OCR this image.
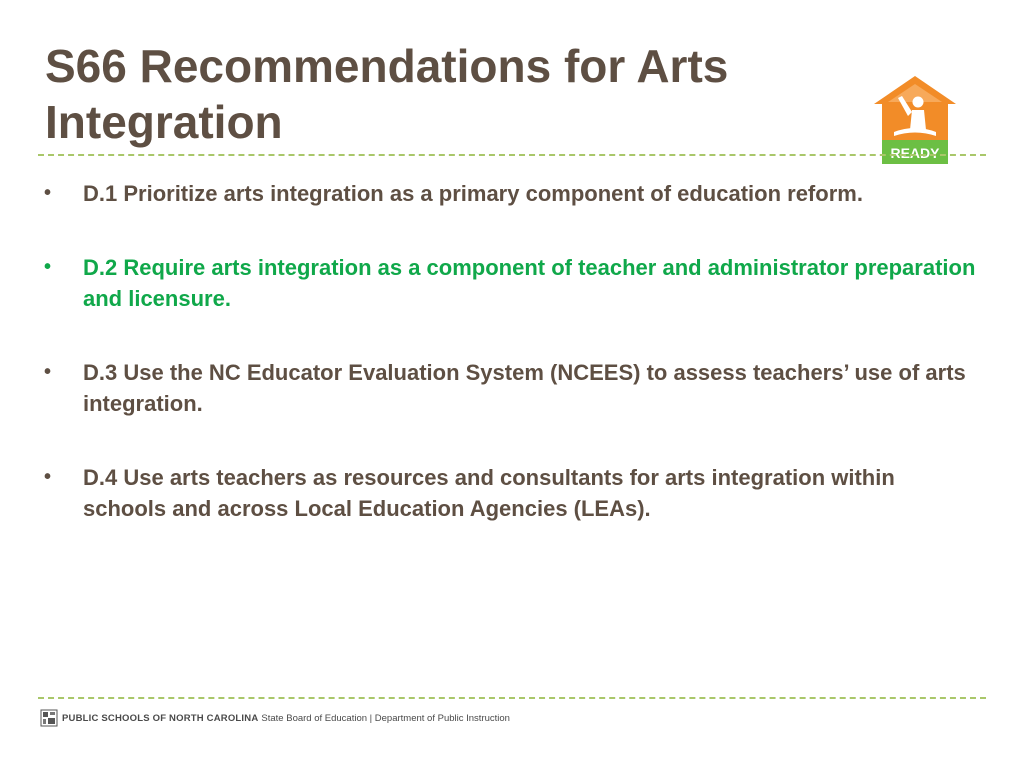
S66 Recommendations for Arts Integration
READY
•	D.1 Prioritize arts integration as a primary component of education reform.
•	D.2 Require arts integration as a component of teacher and administrator preparation and licensure.
•	D.3 Use the NC Educator Evaluation System (NCEES) to assess teachers’ use of arts integration.
•	D.4 Use arts teachers as resources and consultants for arts integration within schools and across Local Education Agencies (LEAs).
PUBLIC SCHOOLS OF NORTH CAROLINA State Board of Education | Department of Public Instruction
